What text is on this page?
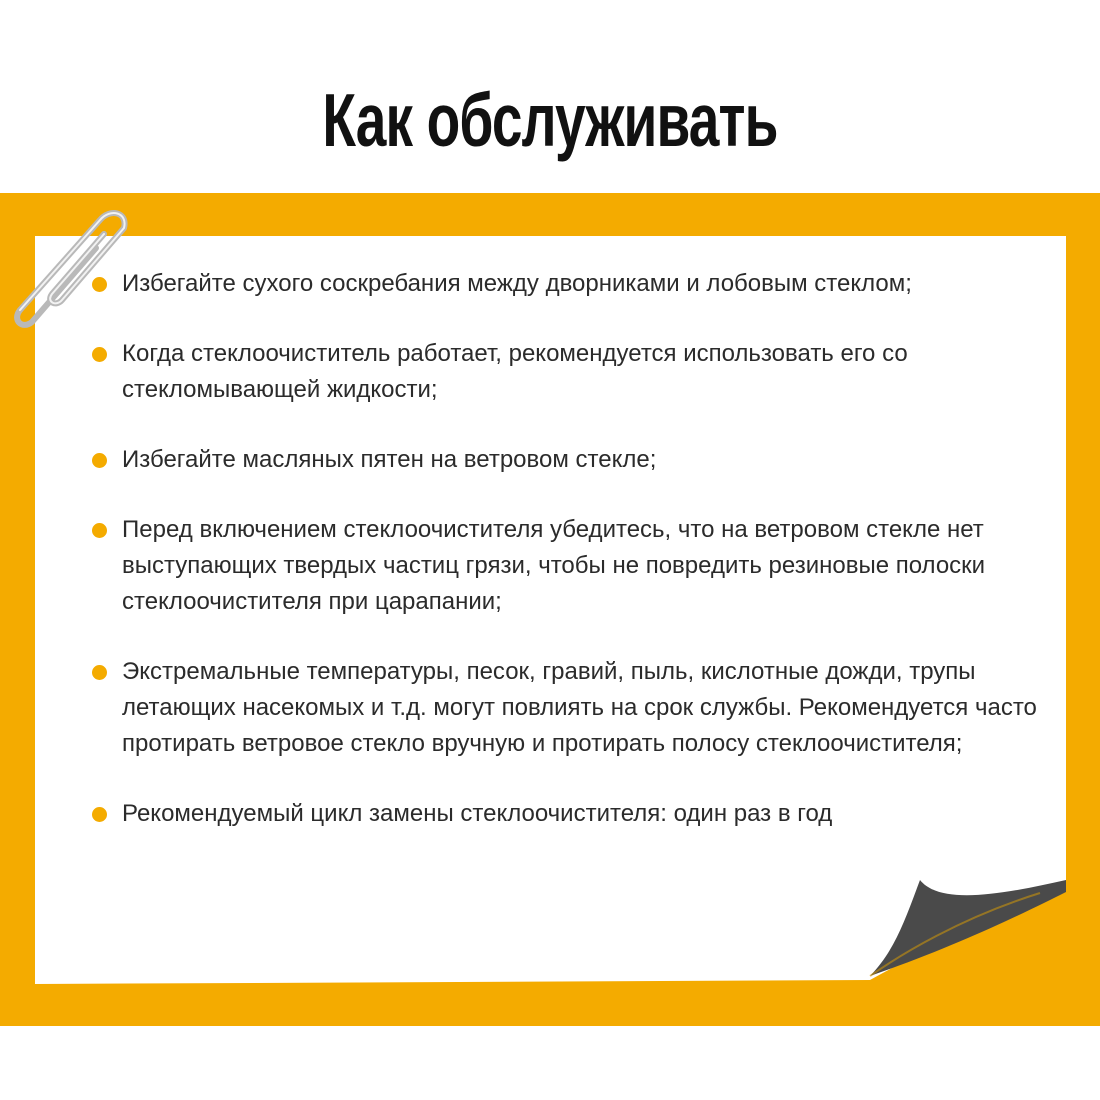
Как обслуживать
Избегайте сухого соскребания между дворниками и лобовым стеклом;
Когда стеклоочиститель работает, рекомендуется использовать его со стекломывающей жидкости;
Избегайте масляных пятен на ветровом стекле;
Перед включением стеклоочистителя убедитесь, что на ветровом стекле нет выступающих твердых частиц грязи, чтобы не повредить резиновые полоски стеклоочистителя при царапании;
Экстремальные температуры, песок, гравий, пыль, кислотные дожди, трупы летающих насекомых и т.д. могут повлиять на срок службы. Рекомендуется часто протирать ветровое стекло вручную и протирать полосу стеклоочистителя;
Рекомендуемый цикл замены стеклоочистителя: один раз в год
